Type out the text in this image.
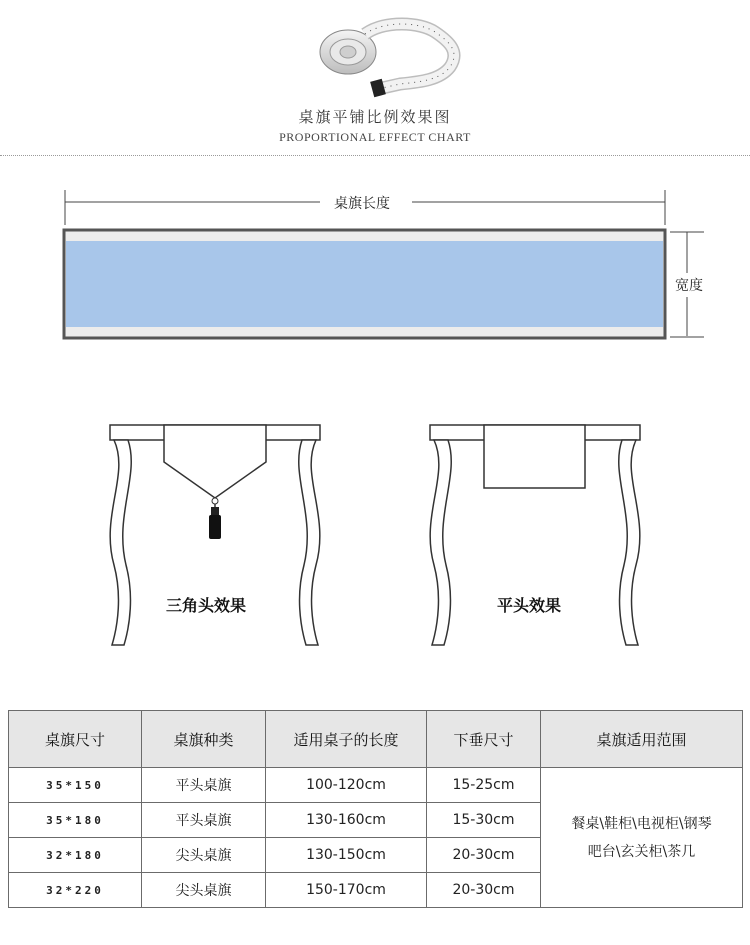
桌旗平铺比例效果图
PROPORTIONAL EFFECT CHART
桌旗长度
宽度
三角头效果	平头效果
桌旗尺寸	桌旗种类	适用桌子的长度	下垂尺寸	桌旗适用范围
35*150	平头桌旗	100-120cm	15-25cm	餐桌\鞋柜\电视柜\钢琴
吧台\玄关柜\茶几

35*180	平头桌旗	130-160cm	15-30cm	
32*180	尖头桌旗	130-150cm	20-30cm	
32*220	尖头桌旗	150-170cm	20-30cm	
